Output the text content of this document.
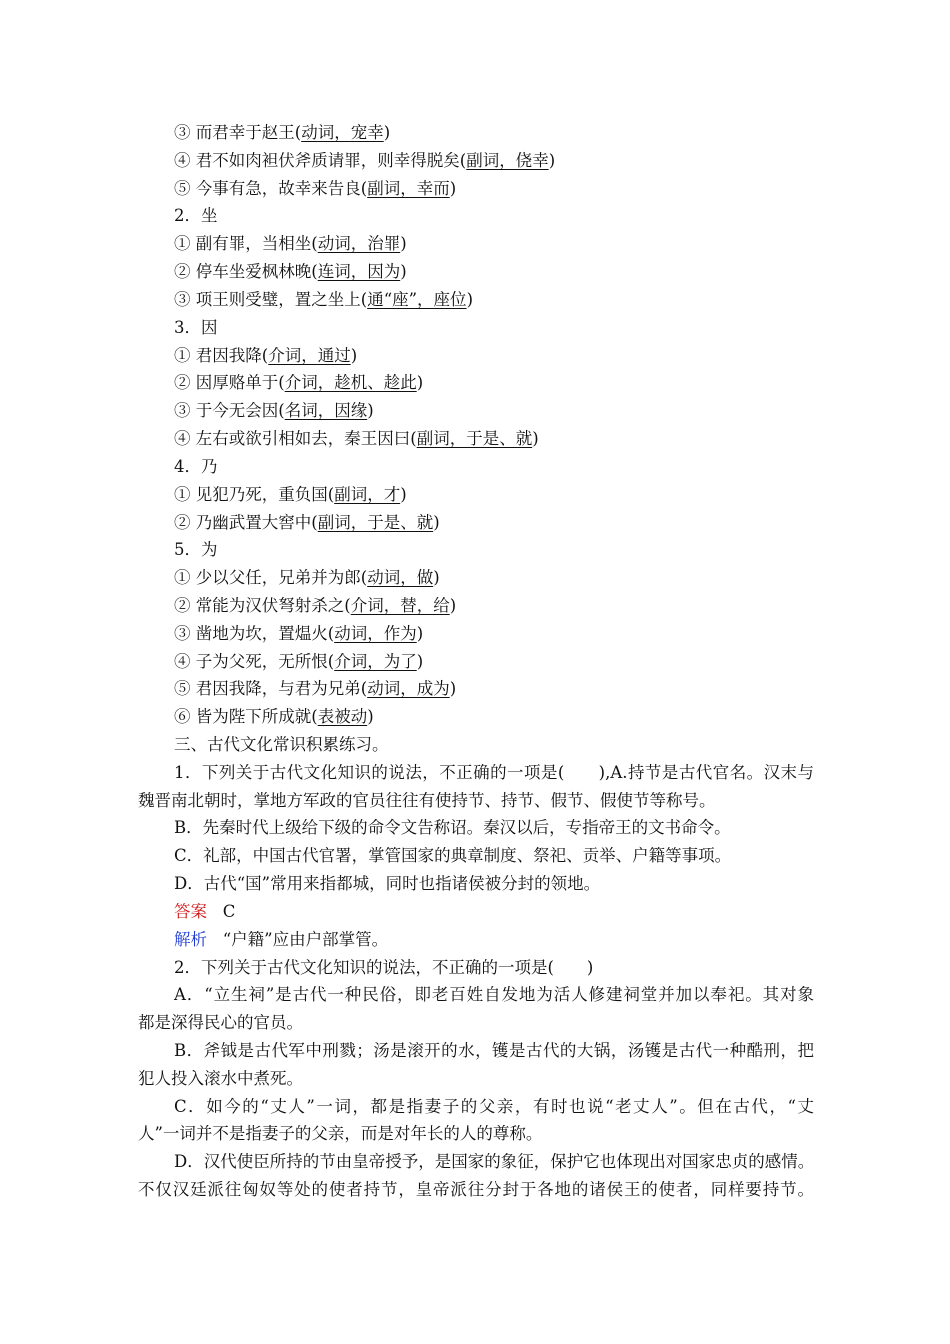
③ 而君幸于赵王(动词，宠幸)
④ 君不如肉袒伏斧质请罪，则幸得脱矣(副词，侥幸)
⑤ 今事有急，故幸来告良(副词，幸而)
2．坐
① 副有罪，当相坐(动词，治罪)
② 停车坐爱枫林晚(连词，因为)
③ 项王则受璧，置之坐上(通“座”，座位)
3．因
① 君因我降(介词，通过)
② 因厚赂单于(介词，趁机、趁此)
③ 于今无会因(名词，因缘)
④ 左右或欲引相如去，秦王因曰(副词，于是、就)
4．乃
① 见犯乃死，重负国(副词，才)
② 乃幽武置大窖中(副词，于是、就)
5．为
① 少以父任，兄弟并为郎(动词，做)
② 常能为汉伏弩射杀之(介词，替，给)
③ 凿地为坎，置煴火(动词，作为)
④ 子为父死，无所恨(介词，为了)
⑤ 君因我降，与君为兄弟(动词，成为)
⑥ 皆为陛下所成就(表被动)
三、古代文化常识积累练习。
1．下列关于古代文化知识的说法，不正确的一项是(　　),A.持节是古代官名。汉末与
魏晋南北朝时，掌地方军政的官员往往有使持节、持节、假节、假使节等称号。
B．先秦时代上级给下级的命令文告称诏。秦汉以后，专指帝王的文书命令。
C．礼部，中国古代官署，掌管国家的典章制度、祭祀、贡举、户籍等事项。
D．古代“国”常用来指都城，同时也指诸侯被分封的领地。
答案 C
解析 “户籍”应由户部掌管。
2．下列关于古代文化知识的说法，不正确的一项是(　　)
A．“立生祠”是古代一种民俗，即老百姓自发地为活人修建祠堂并加以奉祀。其对象
都是深得民心的官员。
B．斧钺是古代军中刑戮；汤是滚开的水，镬是古代的大锅，汤镬是古代一种酷刑，把
犯人投入滚水中煮死。
C．如今的“丈人”一词，都是指妻子的父亲，有时也说“老丈人”。但在古代，“丈
人”一词并不是指妻子的父亲，而是对年长的人的尊称。
D．汉代使臣所持的节由皇帝授予，是国家的象征，保护它也体现出对国家忠贞的感情。
不仅汉廷派往匈奴等处的使者持节，皇帝派往分封于各地的诸侯王的使者，同样要持节。
